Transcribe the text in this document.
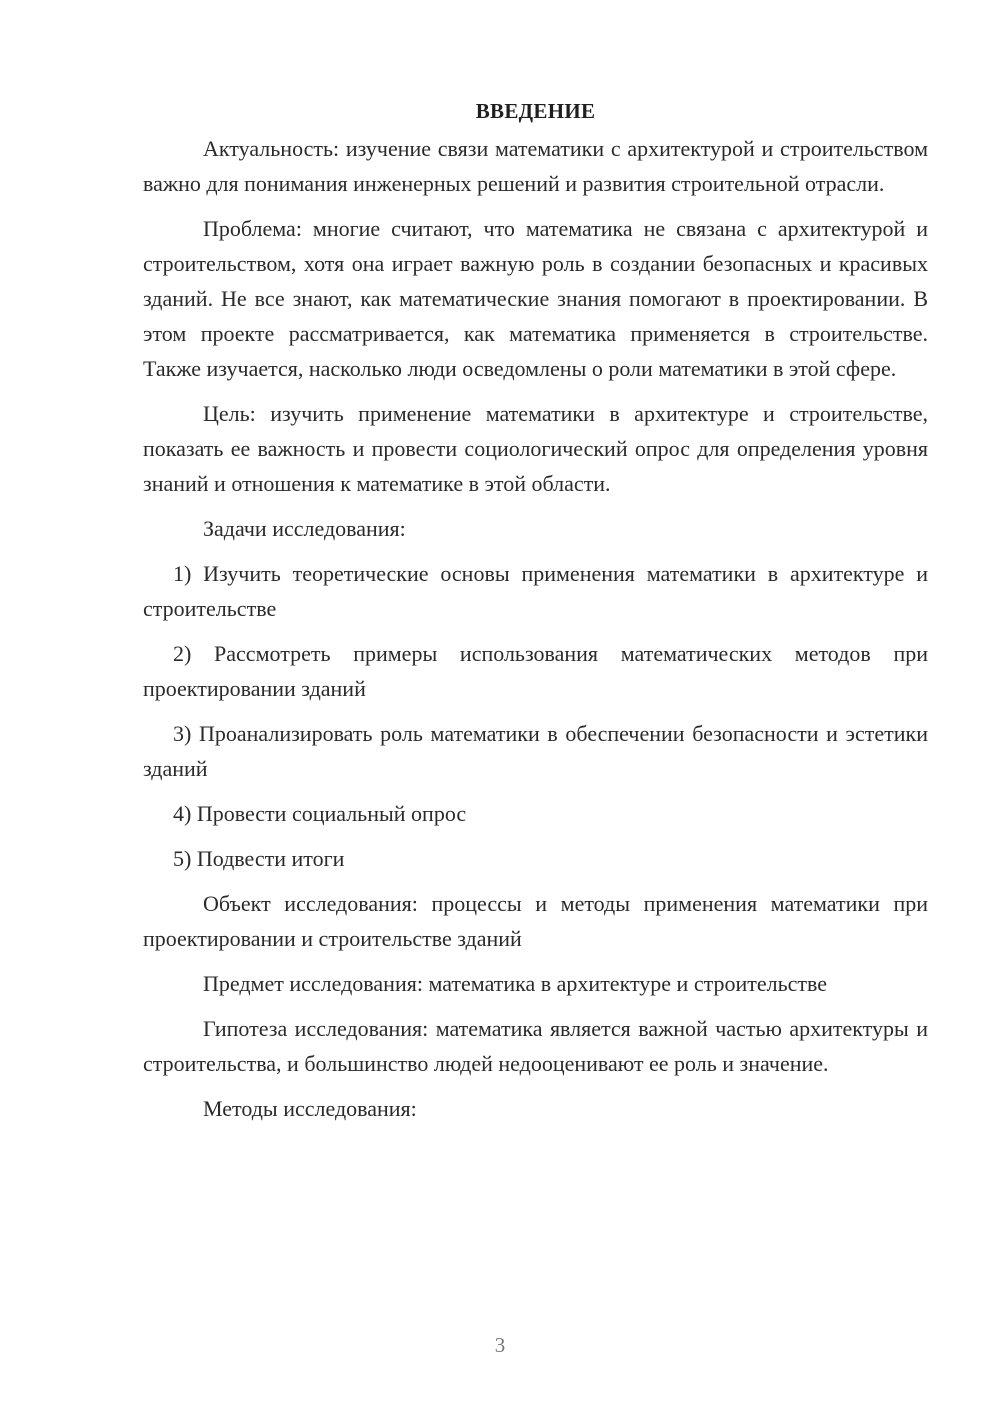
ВВЕДЕНИЕ

Актуальность: изучение связи математики с архитектурой и строительством важно для понимания инженерных решений и развития строительной отрасли.

Проблема: многие считают, что математика не связана с архитектурой и строительством, хотя она играет важную роль в создании безопасных и красивых зданий. Не все знают, как математические знания помогают в проектировании. В этом проекте рассматривается, как математика применяется в строительстве. Также изучается, насколько люди осведомлены о роли математики в этой сфере.

Цель: изучить применение математики в архитектуре и строительстве, показать ее важность и провести социологический опрос для определения уровня знаний и отношения к математике в этой области.

Задачи исследования:

1) Изучить теоретические основы применения математики в архитектуре и строительстве

2) Рассмотреть примеры использования математических методов при проектировании зданий

3) Проанализировать роль математики в обеспечении безопасности и эстетики зданий

4) Провести социальный опрос

5) Подвести итоги

Объект исследования: процессы и методы применения математики при проектировании и строительстве зданий

Предмет исследования: математика в архитектуре и строительстве

Гипотеза исследования: математика является важной частью архитектуры и строительства, и большинство людей недооценивают ее роль и значение.

Методы исследования:

3
